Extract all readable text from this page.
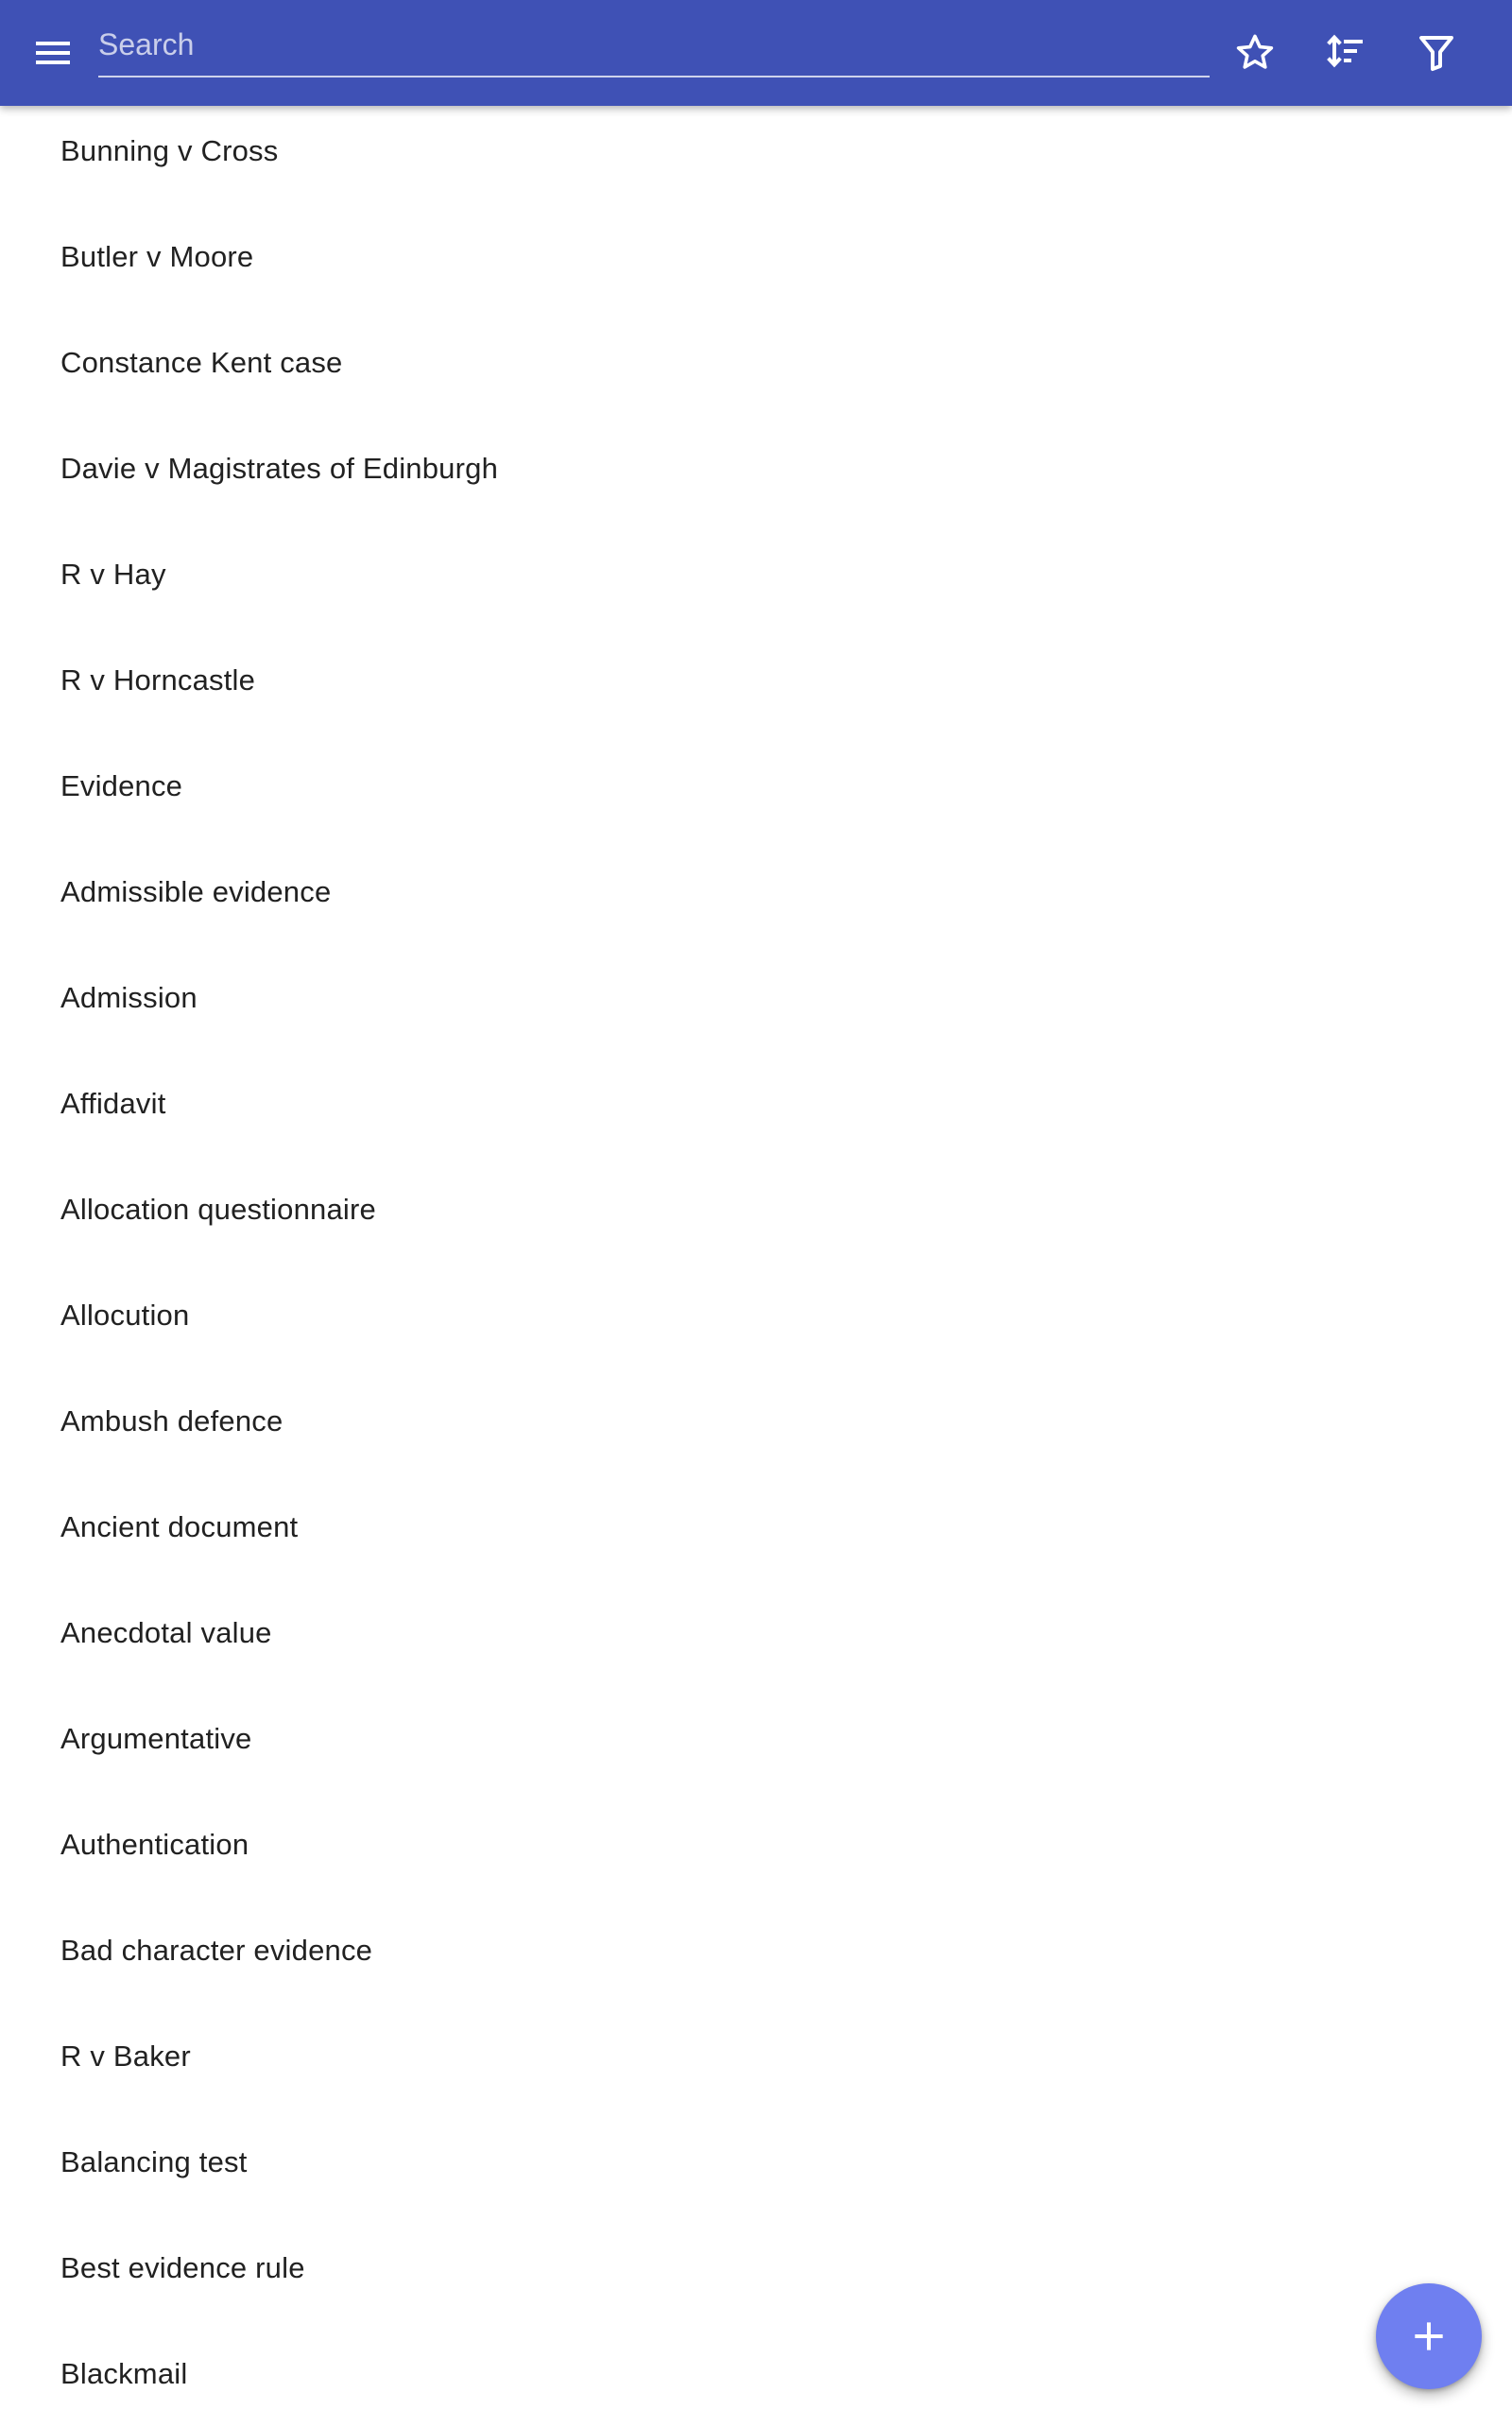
Search
Bunning v Cross
Butler v Moore
Constance Kent case
Davie v Magistrates of Edinburgh
R v Hay
R v Horncastle
Evidence
Admissible evidence
Admission
Affidavit
Allocation questionnaire
Allocution
Ambush defence
Ancient document
Anecdotal value
Argumentative
Authentication
Bad character evidence
R v Baker
Balancing test
Best evidence rule
Blackmail
